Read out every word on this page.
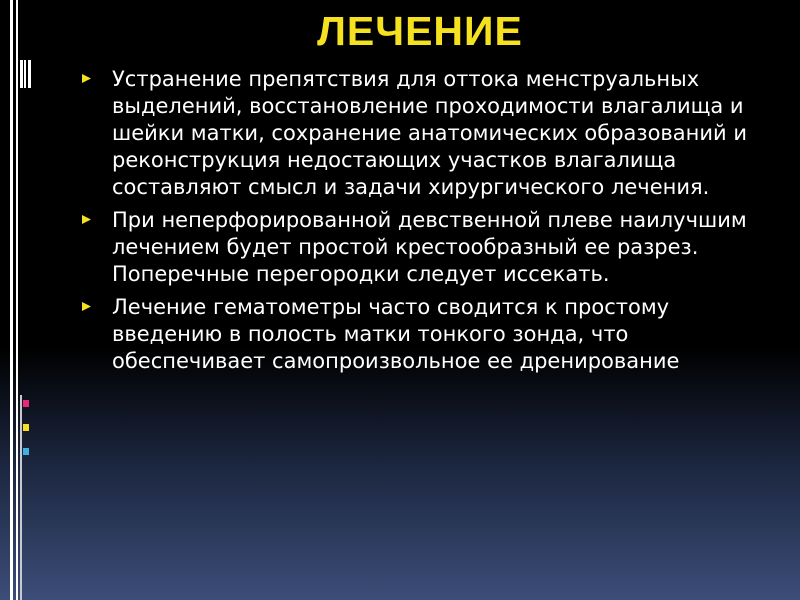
ЛЕЧЕНИЕ
Устранение препятствия для оттока менструальных выделений, восстановление проходимости влагалища и шейки матки, сохранение анатомических образований и реконструкция недостающих участков влагалища составляют смысл и задачи хирургического лечения.
При неперфорированной девственной плеве наилучшим лечением будет простой крестообразный ее разрез. Поперечные перегородки следует иссекать.
Лечение гематометры часто сводится к простому введению в полость матки тонкого зонда, что обеспечивает самопроизвольное ее дренирование
